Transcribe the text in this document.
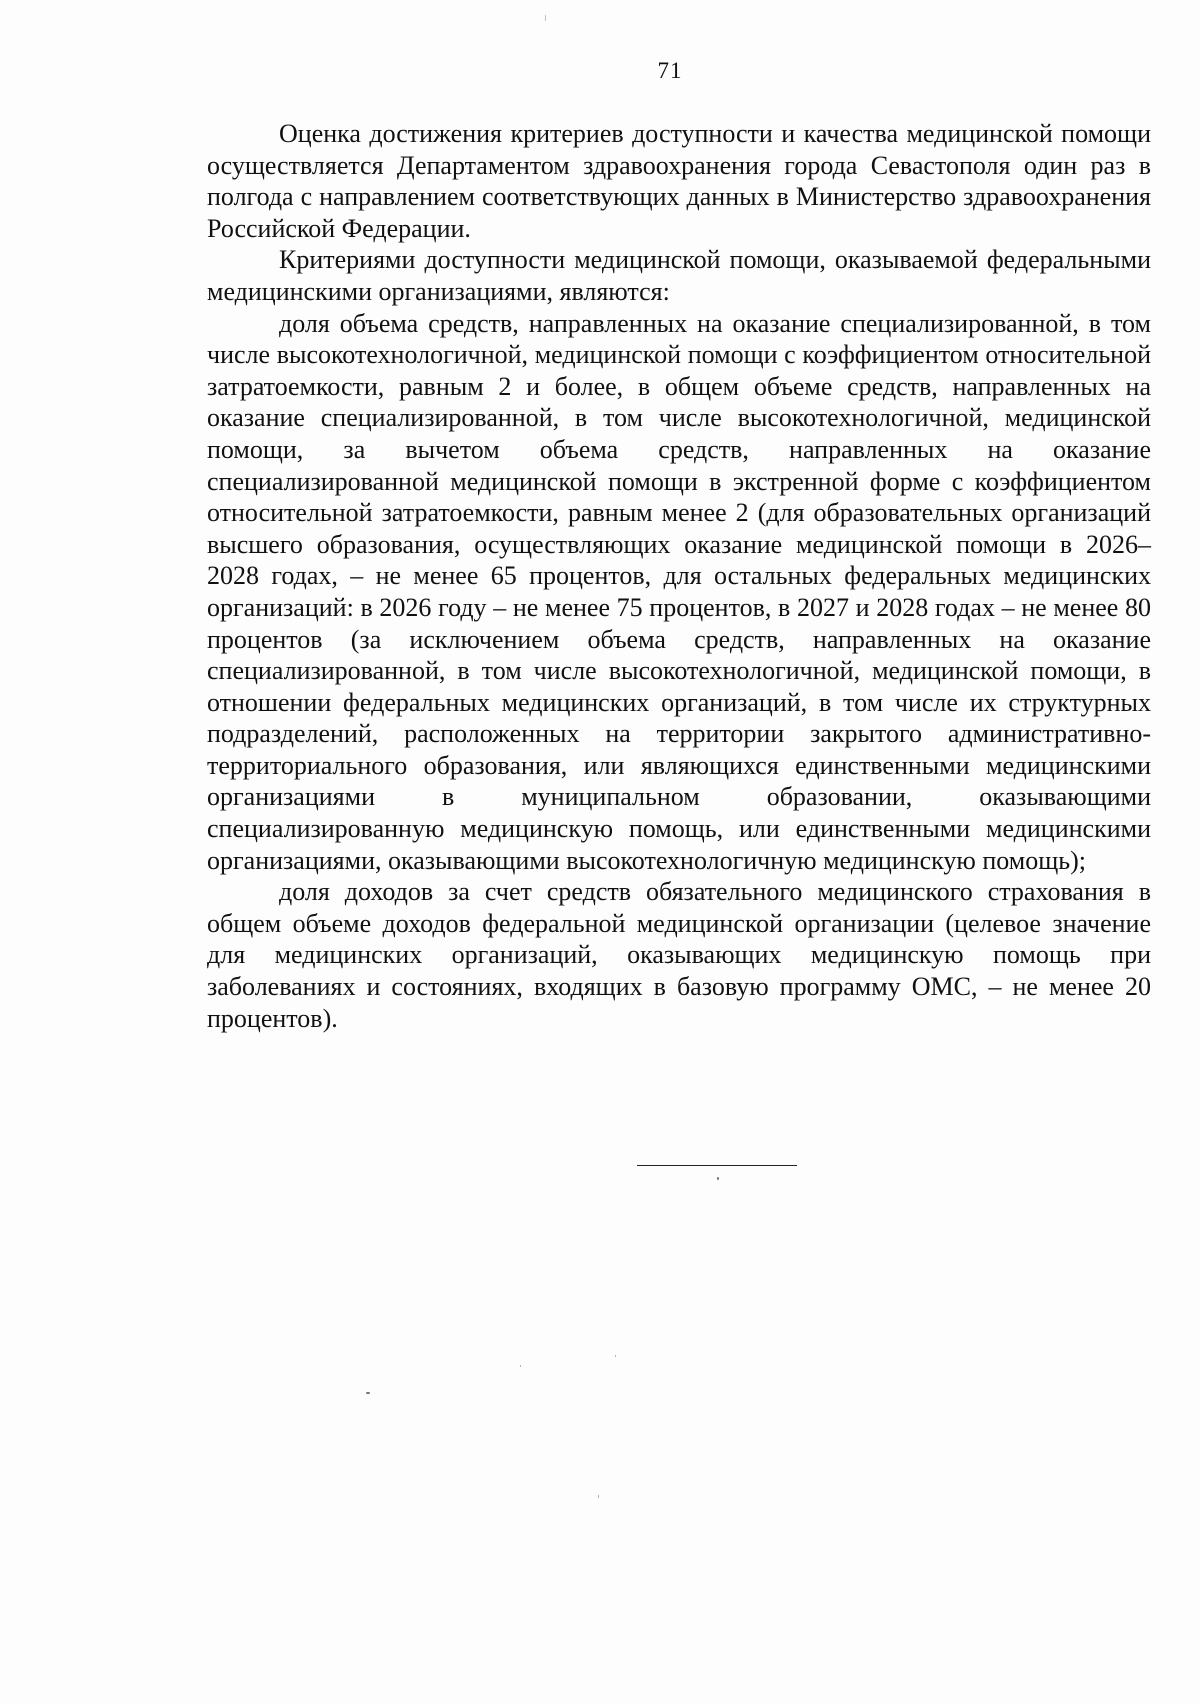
71

Оценка достижения критериев доступности и качества медицинской помощи осуществляется Департаментом здравоохранения города Севастополя один раз в полгода с направлением соответствующих данных в Министерство здравоохранения Российской Федерации.

Критериями доступности медицинской помощи, оказываемой федеральными медицинскими организациями, являются:

доля объема средств, направленных на оказание специализированной, в том числе высокотехнологичной, медицинской помощи с коэффициентом относительной затратоемкости, равным 2 и более, в общем объеме средств, направленных на оказание специализированной, в том числе высокотехнологичной, медицинской помощи, за вычетом объема средств, направленных на оказание специализированной медицинской помощи в экстренной форме с коэффициентом относительной затратоемкости, равным менее 2 (для образовательных организаций высшего образования, осуществляющих оказание медицинской помощи в 2026–2028 годах, – не менее 65 процентов, для остальных федеральных медицинских организаций: в 2026 году – не менее 75 процентов, в 2027 и 2028 годах – не менее 80 процентов (за исключением объема средств, направленных на оказание специализированной, в том числе высокотехнологичной, медицинской помощи, в отношении федеральных медицинских организаций, в том числе их структурных подразделений, расположенных на территории закрытого административно-территориального образования, или являющихся единственными медицинскими организациями в муниципальном образовании, оказывающими специализированную медицинскую помощь, или единственными медицинскими организациями, оказывающими высокотехнологичную медицинскую помощь);

доля доходов за счет средств обязательного медицинского страхования в общем объеме доходов федеральной медицинской организации (целевое значение для медицинских организаций, оказывающих медицинскую помощь при заболеваниях и состояниях, входящих в базовую программу ОМС, – не менее 20 процентов).
